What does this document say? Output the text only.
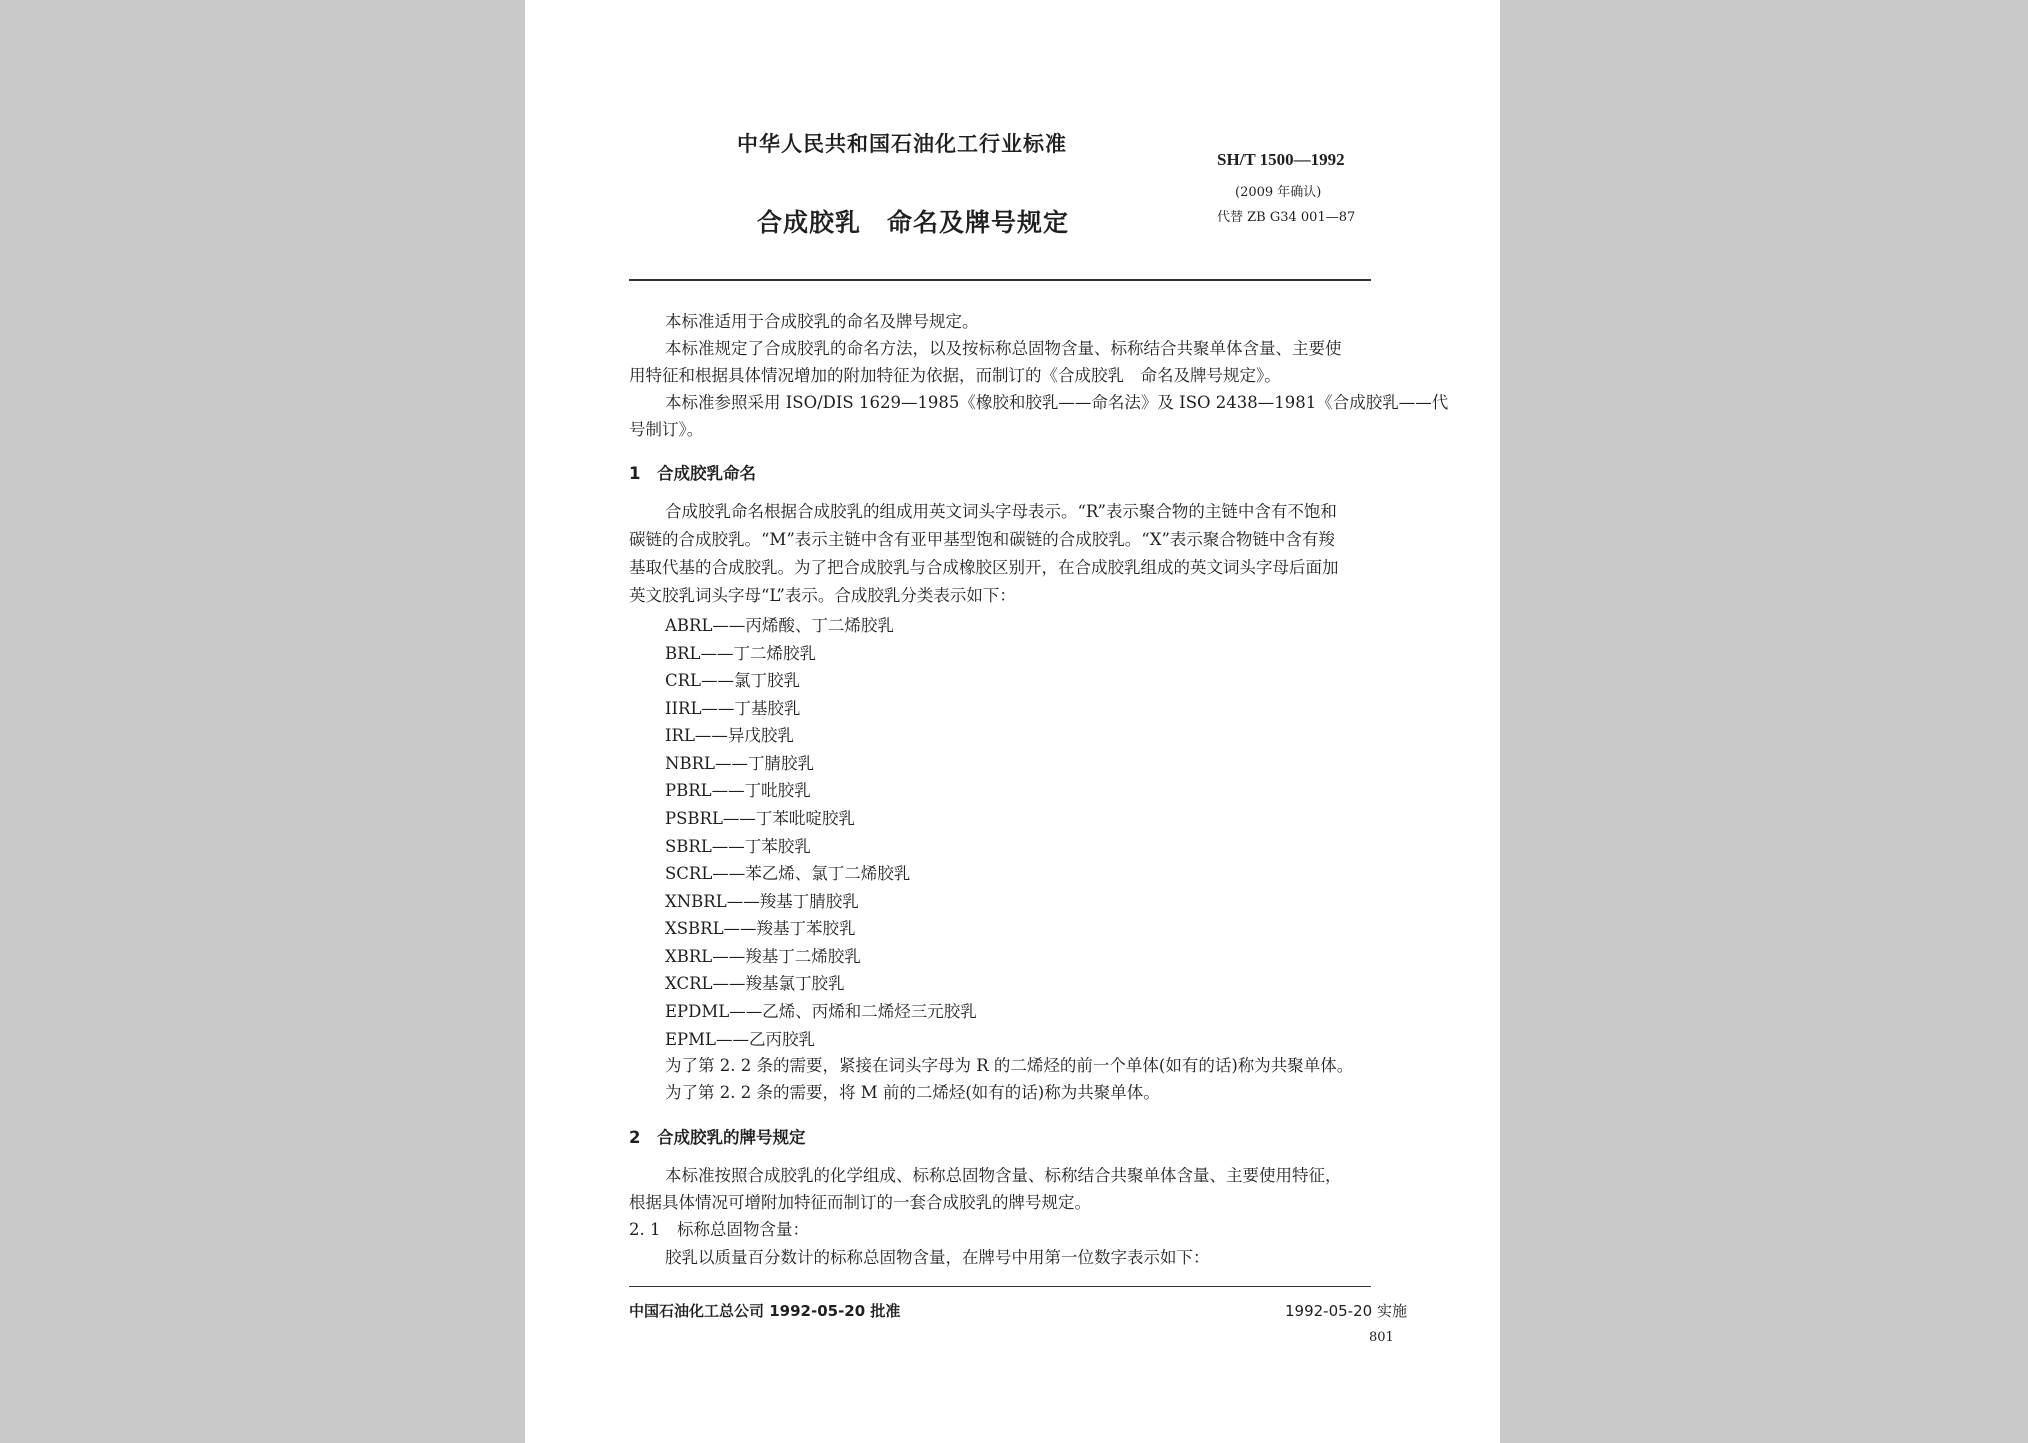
中华人民共和国石油化工行业标准
SH/T 1500—1992
(2009 年确认)
合成胶乳　命名及牌号规定	代替 ZB G34 001—87
本标准适用于合成胶乳的命名及牌号规定。
本标准规定了合成胶乳的命名方法，以及按标称总固物含量、标称结合共聚单体含量、主要使
用特征和根据具体情况增加的附加特征为依据，而制订的《合成胶乳　命名及牌号规定》。
本标准参照采用 ISO/DIS 1629—1985《橡胶和胶乳——命名法》及 ISO 2438—1981《合成胶乳——代
号制订》。
1　合成胶乳命名
合成胶乳命名根据合成胶乳的组成用英文词头字母表示。“R”表示聚合物的主链中含有不饱和
碳链的合成胶乳。“M”表示主链中含有亚甲基型饱和碳链的合成胶乳。“X”表示聚合物链中含有羧
基取代基的合成胶乳。为了把合成胶乳与合成橡胶区别开，在合成胶乳组成的英文词头字母后面加
英文胶乳词头字母“L”表示。合成胶乳分类表示如下：
ABRL——丙烯酸、丁二烯胶乳
BRL——丁二烯胶乳
CRL——氯丁胶乳
IIRL——丁基胶乳
IRL——异戊胶乳
NBRL——丁腈胶乳
PBRL——丁吡胶乳
PSBRL——丁苯吡啶胶乳
SBRL——丁苯胶乳
SCRL——苯乙烯、氯丁二烯胶乳
XNBRL——羧基丁腈胶乳
XSBRL——羧基丁苯胶乳
XBRL——羧基丁二烯胶乳
XCRL——羧基氯丁胶乳
EPDML——乙烯、丙烯和二烯烃三元胶乳
EPML——乙丙胶乳
为了第 2. 2 条的需要，紧接在词头字母为 R 的二烯烃的前一个单体(如有的话)称为共聚单体。
为了第 2. 2 条的需要，将 M 前的二烯烃(如有的话)称为共聚单体。
2　合成胶乳的牌号规定
本标准按照合成胶乳的化学组成、标称总固物含量、标称结合共聚单体含量、主要使用特征，
根据具体情况可增附加特征而制订的一套合成胶乳的牌号规定。
2. 1　标称总固物含量：
胶乳以质量百分数计的标称总固物含量，在牌号中用第一位数字表示如下：
中国石油化工总公司 1992-05-20 批准	1992-05-20 实施
801
